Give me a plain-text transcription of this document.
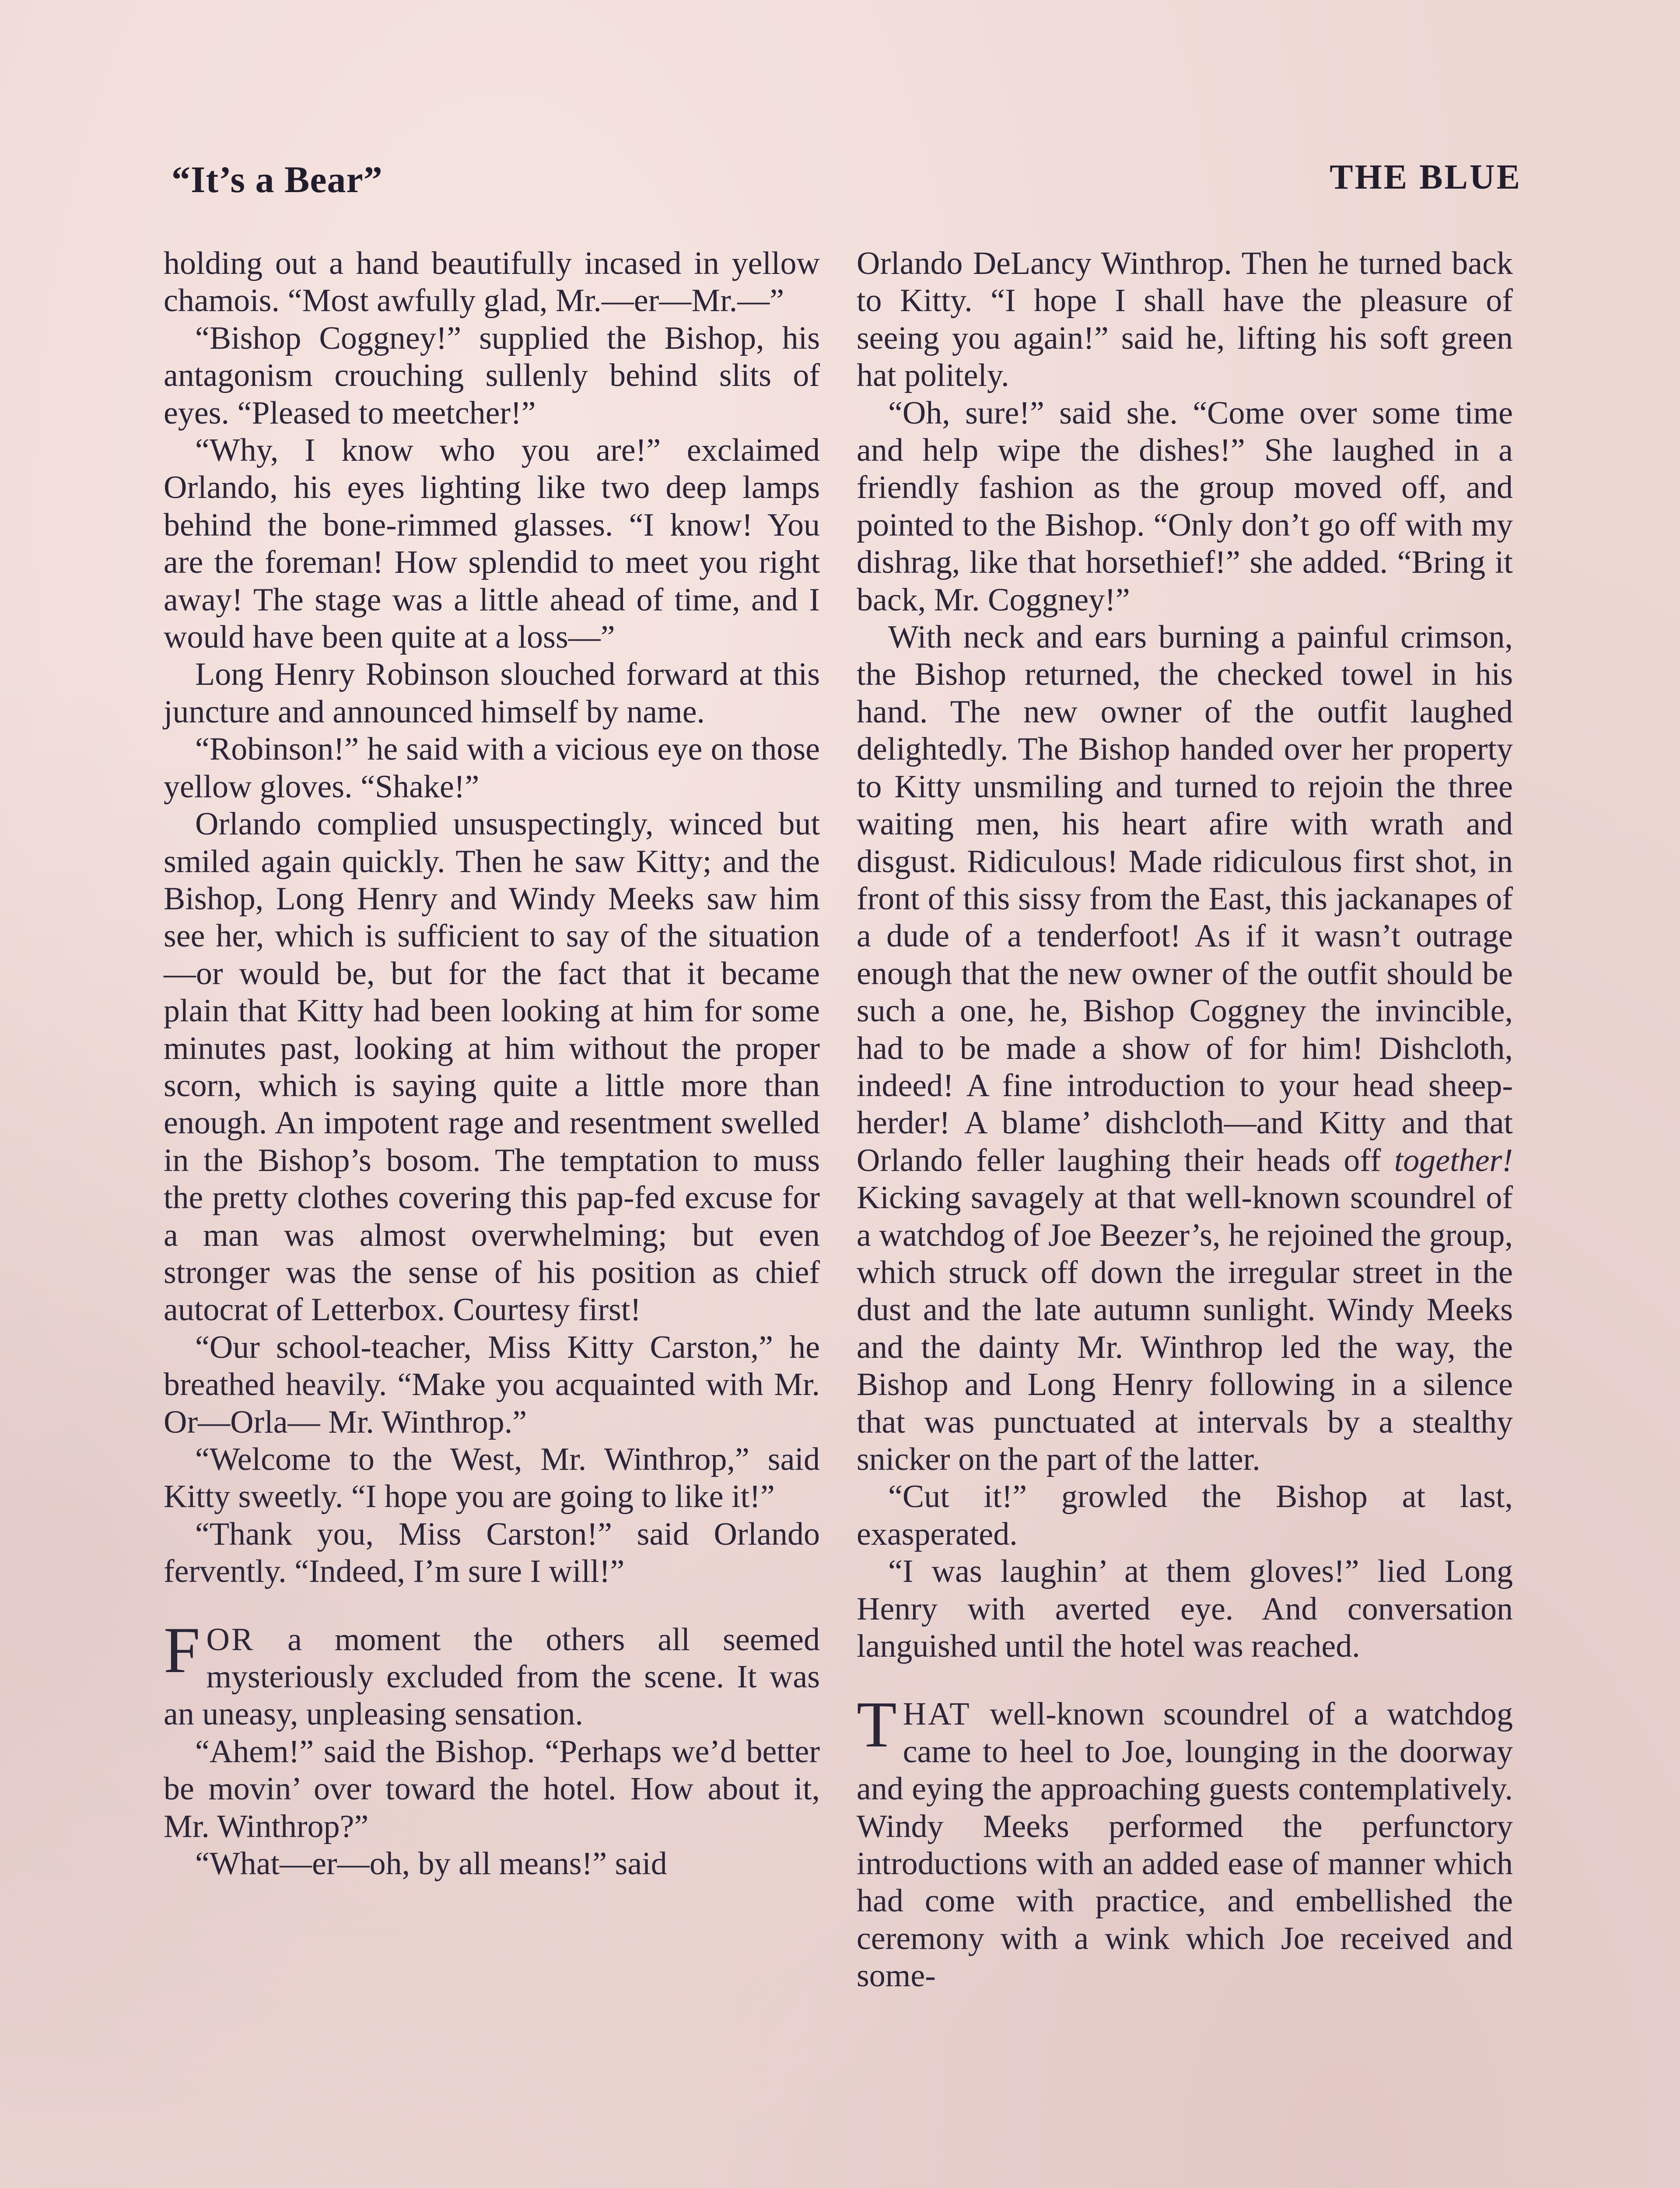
“It’s a Bear”	THE BLUE

holding out a hand beautifully incased in yellow chamois. “Most awfully glad, Mr.—er—Mr.—”

“Bishop Coggney!” supplied the Bishop, his antagonism crouching sullenly behind slits of eyes. “Pleased to meetcher!”

“Why, I know who you are!” exclaimed Orlando, his eyes lighting like two deep lamps behind the bone-rimmed glasses. “I know! You are the foreman! How splendid to meet you right away! The stage was a little ahead of time, and I would have been quite at a loss—”

Long Henry Robinson slouched forward at this juncture and announced himself by name.

“Robinson!” he said with a vicious eye on those yellow gloves. “Shake!”

Orlando complied unsuspectingly, winced but smiled again quickly. Then he saw Kitty; and the Bishop, Long Henry and Windy Meeks saw him see her, which is sufficient to say of the situation—or would be, but for the fact that it became plain that Kitty had been looking at him for some minutes past, looking at him without the proper scorn, which is saying quite a little more than enough. An impotent rage and resentment swelled in the Bishop’s bosom. The temptation to muss the pretty clothes covering this pap-fed excuse for a man was almost overwhelming; but even stronger was the sense of his position as chief autocrat of Letterbox. Courtesy first!

“Our school-teacher, Miss Kitty Carston,” he breathed heavily. “Make you acquainted with Mr. Or—Orla— Mr. Winthrop.”

“Welcome to the West, Mr. Winthrop,” said Kitty sweetly. “I hope you are going to like it!”

“Thank you, Miss Carston!” said Orlando fervently. “Indeed, I’m sure I will!”

FOR a moment the others all seemed mysteriously excluded from the scene. It was an uneasy, unpleasing sensation.

“Ahem!” said the Bishop. “Perhaps we’d better be movin’ over toward the hotel. How about it, Mr. Winthrop?”

“What—er—oh, by all means!” said

Orlando DeLancy Winthrop. Then he turned back to Kitty. “I hope I shall have the pleasure of seeing you again!” said he, lifting his soft green hat politely.

“Oh, sure!” said she. “Come over some time and help wipe the dishes!” She laughed in a friendly fashion as the group moved off, and pointed to the Bishop. “Only don’t go off with my dishrag, like that horsethief!” she added. “Bring it back, Mr. Coggney!”

With neck and ears burning a painful crimson, the Bishop returned, the checked towel in his hand. The new owner of the outfit laughed delightedly. The Bishop handed over her property to Kitty unsmiling and turned to rejoin the three waiting men, his heart afire with wrath and disgust. Ridiculous! Made ridiculous first shot, in front of this sissy from the East, this jackanapes of a dude of a tenderfoot! As if it wasn’t outrage enough that the new owner of the outfit should be such a one, he, Bishop Coggney the invincible, had to be made a show of for him! Dishcloth, indeed! A fine introduction to your head sheep-herder! A blame’ dishcloth—and Kitty and that Orlando feller laughing their heads off together! Kicking savagely at that well-known scoundrel of a watchdog of Joe Beezer’s, he rejoined the group, which struck off down the irregular street in the dust and the late autumn sunlight. Windy Meeks and the dainty Mr. Winthrop led the way, the Bishop and Long Henry following in a silence that was punctuated at intervals by a stealthy snicker on the part of the latter.

“Cut it!” growled the Bishop at last, exasperated.

“I was laughin’ at them gloves!” lied Long Henry with averted eye. And conversation languished until the hotel was reached.

THAT well-known scoundrel of a watchdog came to heel to Joe, lounging in the doorway and eying the approaching guests contemplatively. Windy Meeks performed the perfunctory introductions with an added ease of manner which had come with practice, and embellished the ceremony with a wink which Joe received and some-
